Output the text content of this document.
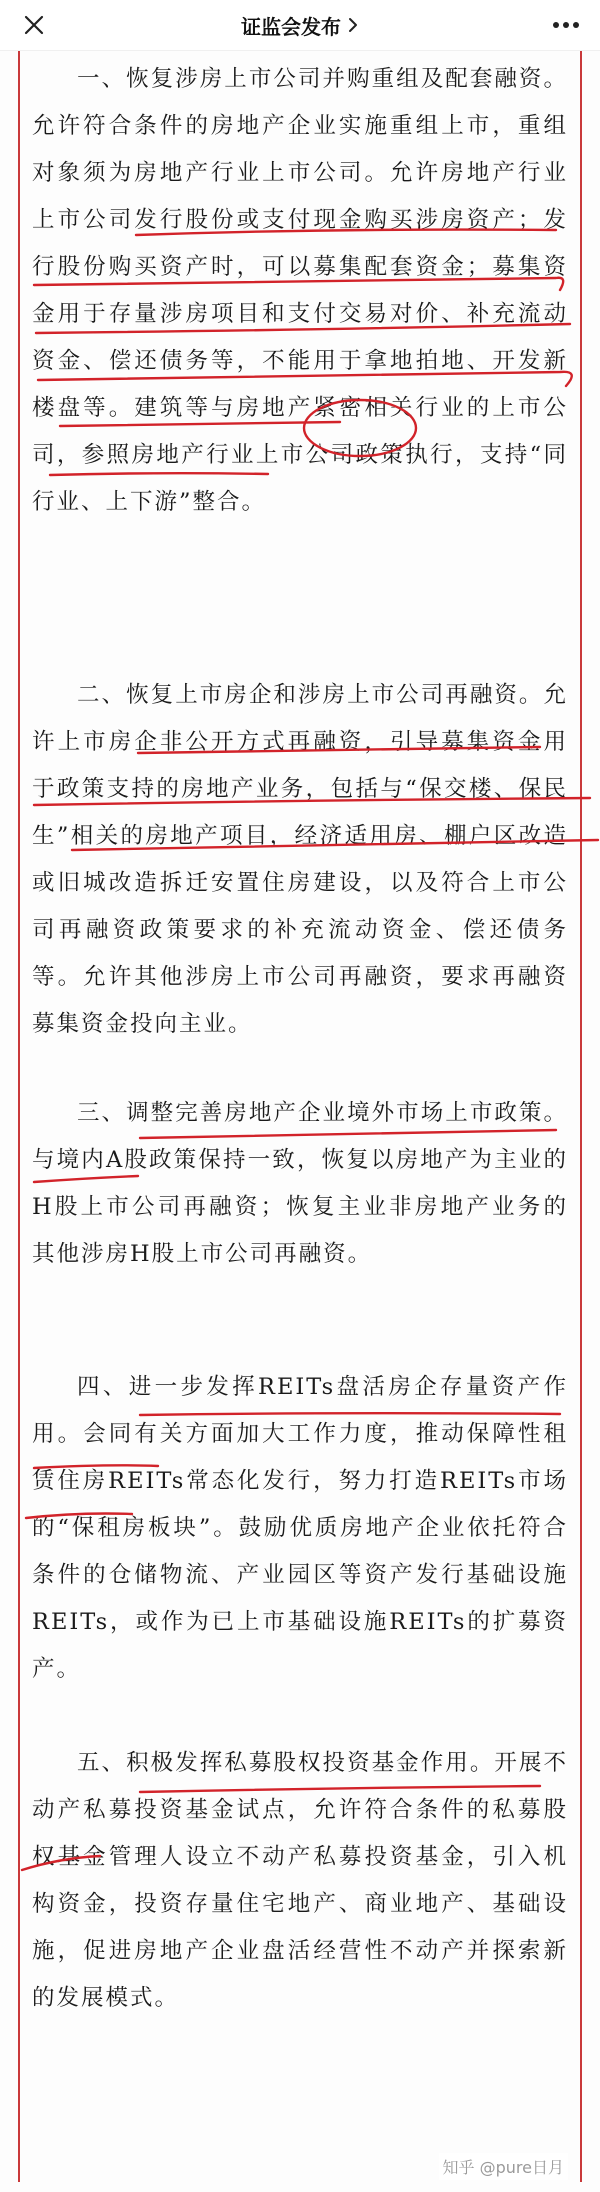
证监会发布
一、恢复涉房上市公司并购重组及配套融资。允许符合条件的房地产企业实施重组上市，重组对象须为房地产行业上市公司。允许房地产行业上市公司发行股份或支付现金购买涉房资产；发行股份购买资产时，可以募集配套资金；募集资金用于存量涉房项目和支付交易对价、补充流动资金、偿还债务等，不能用于拿地拍地、开发新楼盘等。建筑等与房地产紧密相关行业的上市公司，参照房地产行业上市公司政策执行，支持“同行业、上下游”整合。
二、恢复上市房企和涉房上市公司再融资。允许上市房企非公开方式再融资，引导募集资金用于政策支持的房地产业务，包括与“保交楼、保民生”相关的房地产项目，经济适用房、棚户区改造或旧城改造拆迁安置住房建设，以及符合上市公司再融资政策要求的补充流动资金、偿还债务等。允许其他涉房上市公司再融资，要求再融资募集资金投向主业。
三、调整完善房地产企业境外市场上市政策。与境内A股政策保持一致，恢复以房地产为主业的H股上市公司再融资；恢复主业非房地产业务的其他涉房H股上市公司再融资。
四、进一步发挥REITs盘活房企存量资产作用。会同有关方面加大工作力度，推动保障性租赁住房REITs常态化发行，努力打造REITs市场的“保租房板块”。鼓励优质房地产企业依托符合条件的仓储物流、产业园区等资产发行基础设施REITs，或作为已上市基础设施REITs的扩募资产。
五、积极发挥私募股权投资基金作用。开展不动产私募投资基金试点，允许符合条件的私募股权基金管理人设立不动产私募投资基金，引入机构资金，投资存量住宅地产、商业地产、基础设施，促进房地产企业盘活经营性不动产并探索新的发展模式。
知乎 @pure日月
